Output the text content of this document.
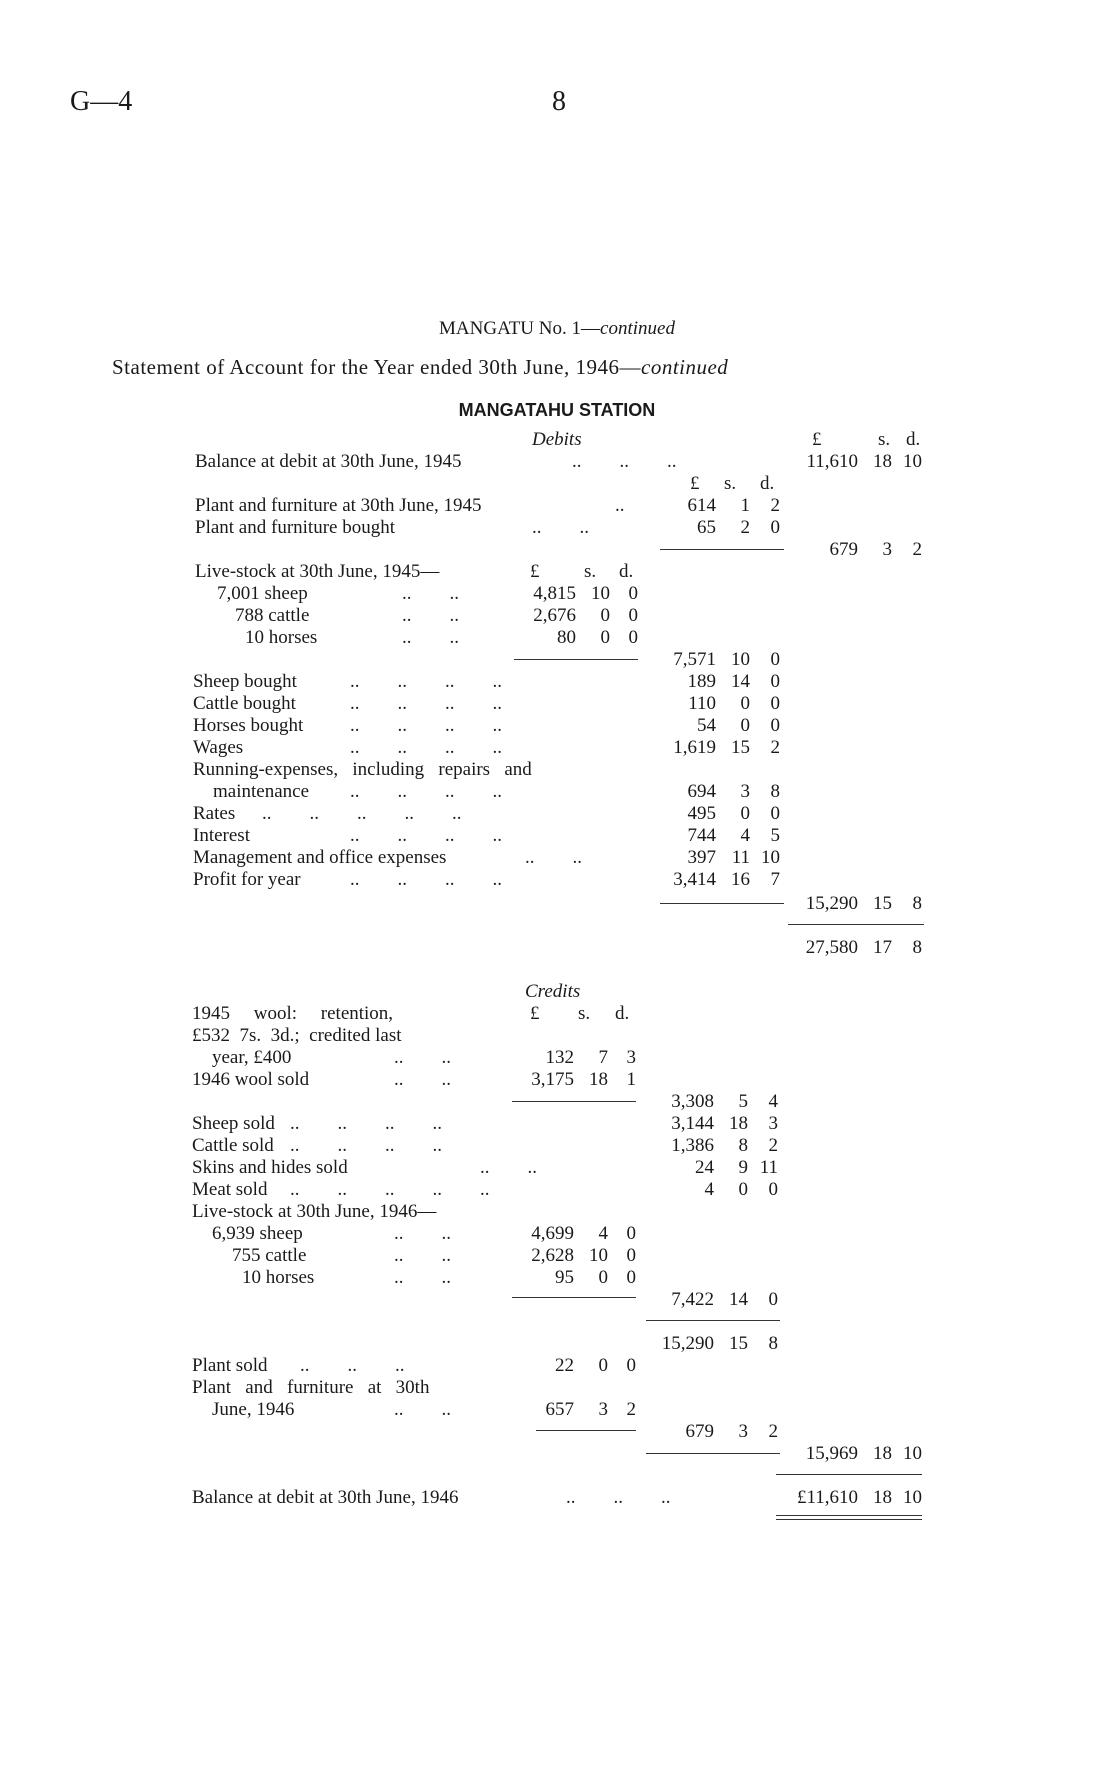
G—4	8
MANGATU No. 1—continued
Statement of Account for the Year ended 30th June, 1946—continued
MANGATAHU STATION
Debits	£	s. d.
Balance at debit at 30th June, 1945	..        ..        ..	11,610 18 10
£ s. d.
Plant and furniture at 30th June, 1945	..	614	1	2
Plant and furniture bought	..        ..	65	2	0
679	3	2
Live-stock at 30th June, 1945—	£ s. d.
7,001 sheep	..        ..	4,815 10 0
788 cattle	..        ..	2,676	0 0
10 horses	..        ..	80	0 0
7,571 10	0
Sheep bought	..        ..        ..        ..	189 14	0
Cattle bought	..        ..        ..        ..	110	0	0
Horses bought ..        ..        ..        ..	54	0	0
Wages	..        ..        ..        ..	1,619 15	2
Running-expenses,   including   repairs   and
maintenance ..        ..        ..        ..	694	3	8
Rates ..        ..        ..        ..        ..	495	0	0
Interest	..        ..        ..        ..	744	4	5
Management and office expenses	..        ..	397 11 10
Profit for year	..        ..        ..        ..	3,414 16	7
15,290 15	8
27,580 17	8
Credits
1945     wool:     retention,	£ s. d.
£532  7s.  3d.;  credited last
year, £400	..        ..	132	7 3
1946 wool sold	..        ..	3,175 18 1
3,308	5	4
Sheep sold ..        ..        ..        ..	3,144 18	3
Cattle sold ..        ..        ..        ..	1,386	8	2
Skins and hides sold	..        ..	24	9 11
Meat sold ..        ..        ..        ..        ..	4	0	0
Live-stock at 30th June, 1946—
6,939 sheep	..        ..	4,699	4 0
755 cattle	..        ..	2,628 10 0
10 horses	..        ..	95	0 0
7,422 14	0
15,290 15	8
Plant sold ..        ..        ..	22	0 0
Plant   and   furniture   at   30th
June, 1946	..        ..	657	3 2
679	3	2
15,969 18 10
Balance at debit at 30th June, 1946	..        ..        ..	£11,610 18 10
